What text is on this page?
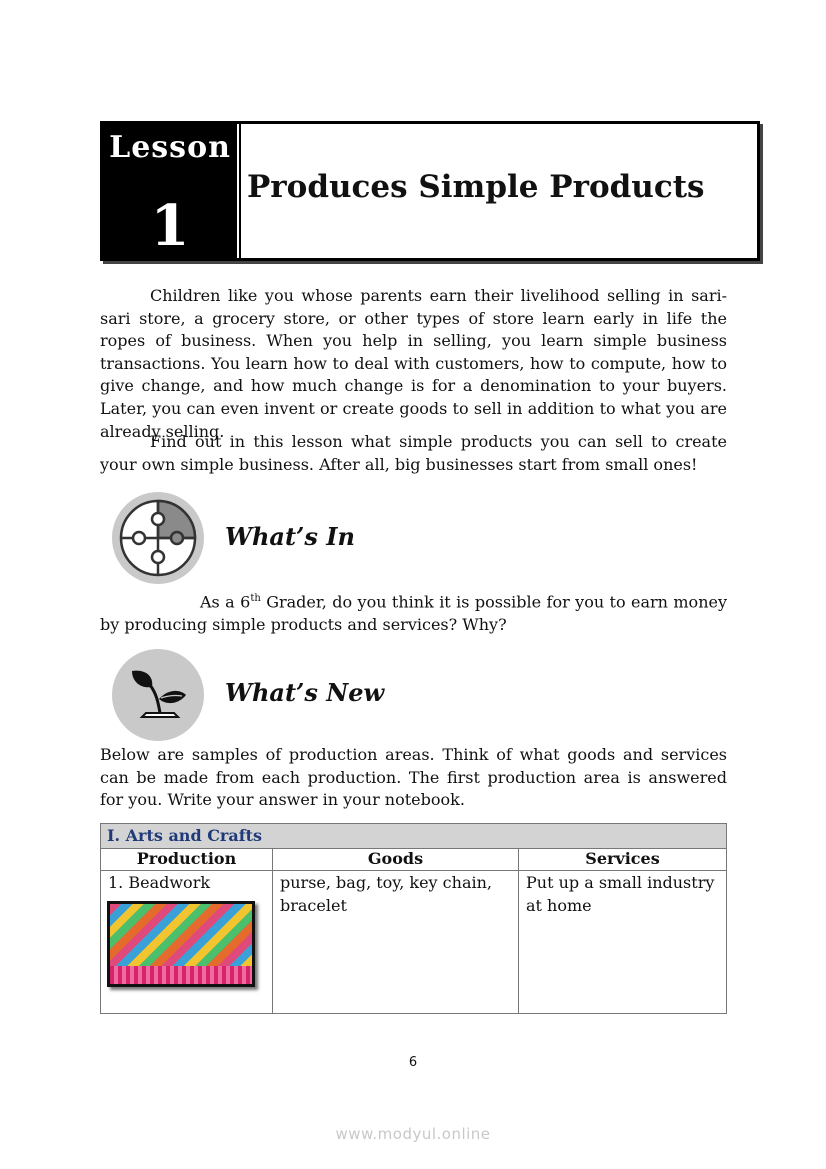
Lesson
1
Produces Simple Products

Children like you whose parents earn their livelihood selling in sari-sari store, a grocery store, or other types of store learn early in life the ropes of business. When you help in selling, you learn simple business transactions. You learn how to deal with customers, how to compute, how to give change, and how much change is for a denomination to your buyers. Later, you can even invent or create goods to sell in addition to what you are already selling.

Find out in this lesson what simple products you can sell to create your own simple business. After all, big businesses start from small ones!

What’s In

As a 6th Grader, do you think it is possible for you to earn money by producing simple products and services? Why?

What’s New

Below are samples of production areas. Think of what goods and services can be made from each production. The first production area is answered for you. Write your answer in your notebook.

I. Arts and Crafts		
Production	Goods	Services

1. Beadwork	purse, bag, toy, key chain, bracelet	Put up a small industry at home
6
www.modyul.online
